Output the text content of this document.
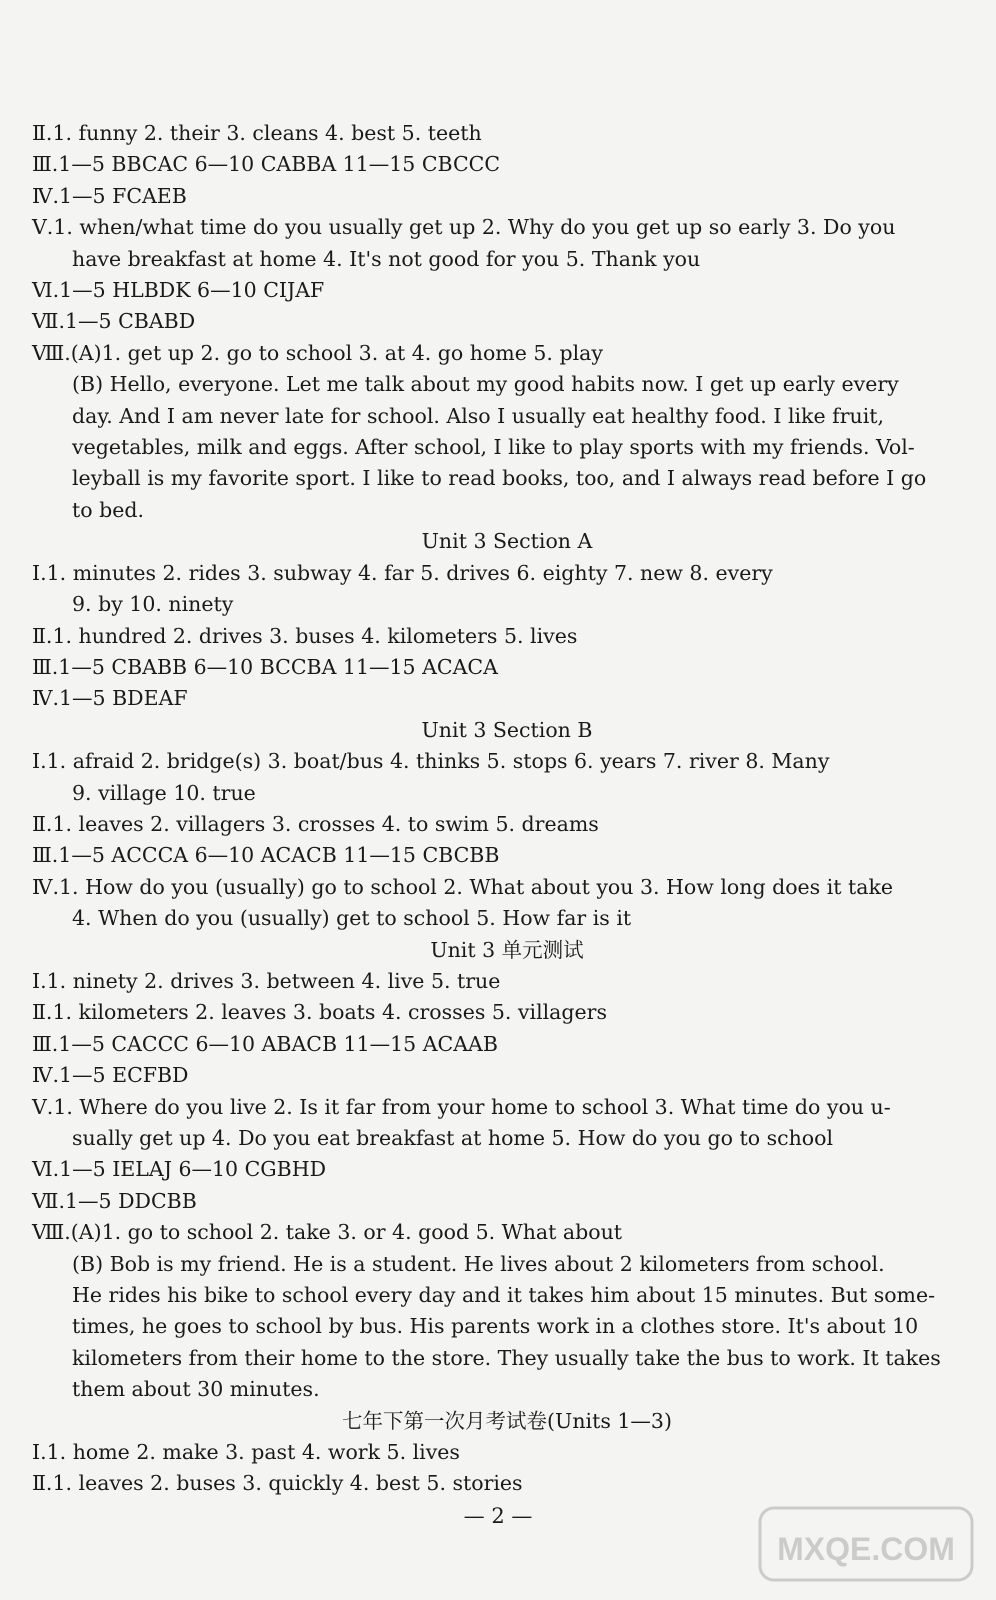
Ⅱ.1. funny 2. their 3. cleans 4. best 5. teeth
Ⅲ.1—5 BBCAC 6—10 CABBA 11—15 CBCCC
Ⅳ.1—5 FCAEB
Ⅴ.1. when/what time do you usually get up 2. Why do you get up so early 3. Do you
have breakfast at home 4. It's not good for you 5. Thank you
Ⅵ.1—5 HLBDK 6—10 CIJAF
Ⅶ.1—5 CBABD
Ⅷ.(A)1. get up 2. go to school 3. at 4. go home 5. play
(B) Hello, everyone. Let me talk about my good habits now. I get up early every
day. And I am never late for school. Also I usually eat healthy food. I like fruit,
vegetables, milk and eggs. After school, I like to play sports with my friends. Vol-
leyball is my favorite sport. I like to read books, too, and I always read before I go
to bed.
Unit 3 Section A
Ⅰ.1. minutes 2. rides 3. subway 4. far 5. drives 6. eighty 7. new 8. every
9. by 10. ninety
Ⅱ.1. hundred 2. drives 3. buses 4. kilometers 5. lives
Ⅲ.1—5 CBABB 6—10 BCCBA 11—15 ACACA
Ⅳ.1—5 BDEAF
Unit 3 Section B
Ⅰ.1. afraid 2. bridge(s) 3. boat/bus 4. thinks 5. stops 6. years 7. river 8. Many
9. village 10. true
Ⅱ.1. leaves 2. villagers 3. crosses 4. to swim 5. dreams
Ⅲ.1—5 ACCCA 6—10 ACACB 11—15 CBCBB
Ⅳ.1. How do you (usually) go to school 2. What about you 3. How long does it take
4. When do you (usually) get to school 5. How far is it
Unit 3 单元测试
Ⅰ.1. ninety 2. drives 3. between 4. live 5. true
Ⅱ.1. kilometers 2. leaves 3. boats 4. crosses 5. villagers
Ⅲ.1—5 CACCC 6—10 ABACB 11—15 ACAAB
Ⅳ.1—5 ECFBD
Ⅴ.1. Where do you live 2. Is it far from your home to school 3. What time do you u-
sually get up 4. Do you eat breakfast at home 5. How do you go to school
Ⅵ.1—5 IELAJ 6—10 CGBHD
Ⅶ.1—5 DDCBB
Ⅷ.(A)1. go to school 2. take 3. or 4. good 5. What about
(B) Bob is my friend. He is a student. He lives about 2 kilometers from school.
He rides his bike to school every day and it takes him about 15 minutes. But some-
times, he goes to school by bus. His parents work in a clothes store. It's about 10
kilometers from their home to the store. They usually take the bus to work. It takes
them about 30 minutes.
七年下第一次月考试卷(Units 1—3)
Ⅰ.1. home 2. make 3. past 4. work 5. lives
Ⅱ.1. leaves 2. buses 3. quickly 4. best 5. stories
— 2 —
MXQE.COM
